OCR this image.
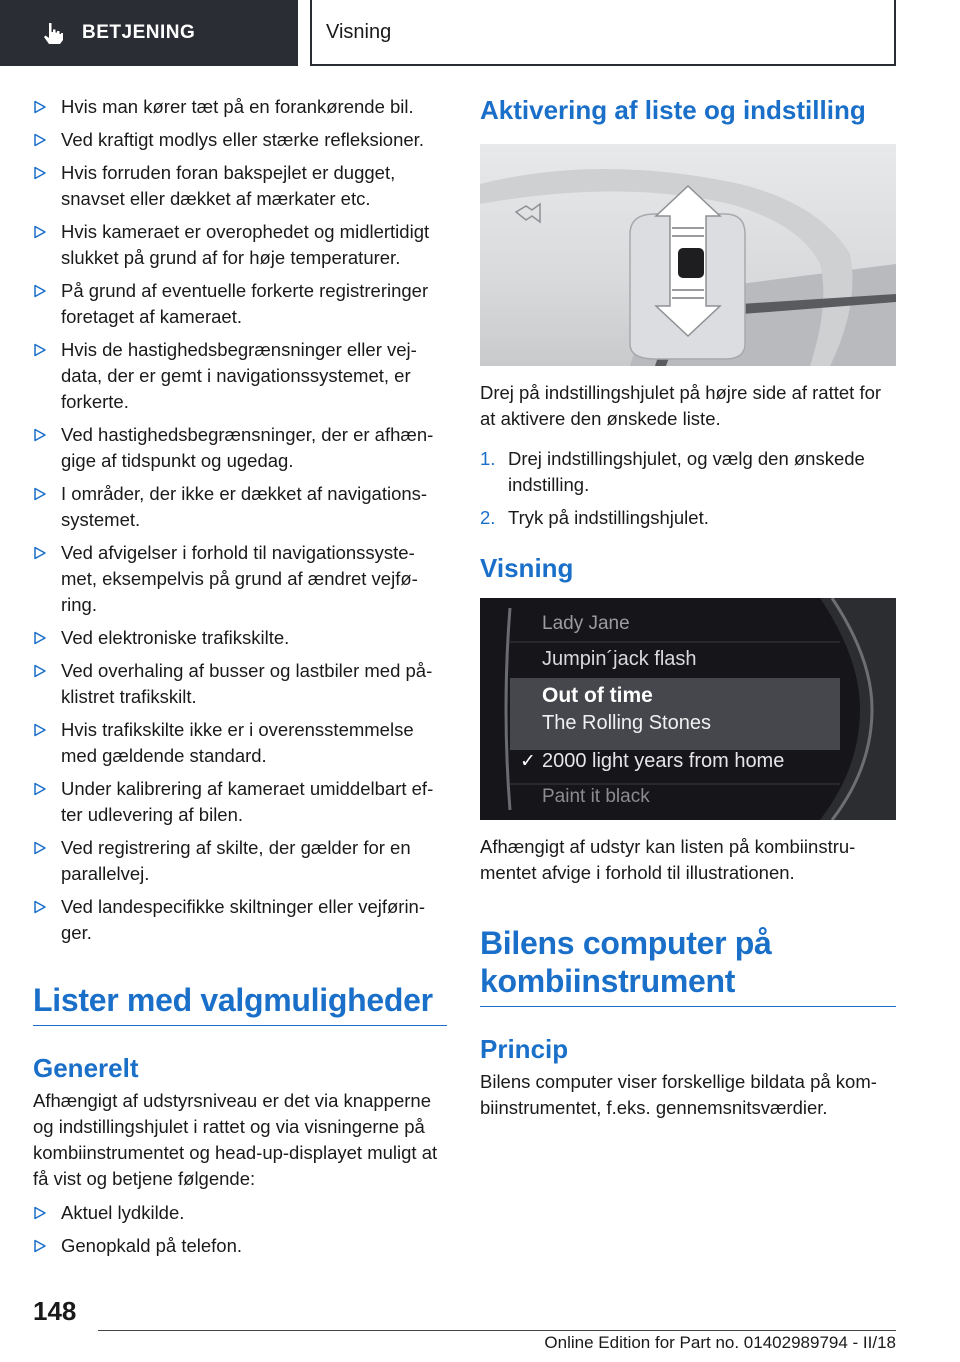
BETJENING	Visning
Hvis man kører tæt på en forankørende bil.
Ved kraftigt modlys eller stærke refleksioner.
Hvis forruden foran bakspejlet er dugget, snavset eller dækket af mærkater etc.
Hvis kameraet er overophedet og midlertidigt slukket på grund af for høje temperaturer.
På grund af eventuelle forkerte registreringer foretaget af kameraet.
Hvis de hastighedsbegrænsninger eller vej-data, der er gemt i navigationssystemet, er forkerte.
Ved hastighedsbegrænsninger, der er afhæn-gige af tidspunkt og ugedag.
I områder, der ikke er dækket af navigations-systemet.
Ved afvigelser i forhold til navigationssyste-met, eksempelvis på grund af ændret vejfø-ring.
Ved elektroniske trafikskilte.
Ved overhaling af busser og lastbiler med på-klistret trafikskilt.
Hvis trafikskilte ikke er i overensstemmelse med gældende standard.
Under kalibrering af kameraet umiddelbart ef-ter udlevering af bilen.
Ved registrering af skilte, der gælder for en parallelvej.
Ved landespecifikke skiltninger eller vejførin-ger.
Lister med valgmuligheder
Generelt
Afhængigt af udstyrsniveau er det via knapperne og indstillingshjulet i rattet og via visningerne på kombiinstrumentet og head-up-displayet muligt at få vist og betjene følgende:
Aktuel lydkilde.
Genopkald på telefon.
Aktivering af liste og indstilling
Drej på indstillingshjulet på højre side af rattet for at aktivere den ønskede liste.
1. Drej indstillingshjulet, og vælg den ønskede indstilling.
2. Tryk på indstillingshjulet.
Visning
Lady Jane
Jumpin´jack flash
Out of time
The Rolling Stones
✓ 2000 light years from home
Paint it black
Afhængigt af udstyr kan listen på kombiinstru-mentet afvige i forhold til illustrationen.
Bilens computer på kombiinstrument
Princip
Bilens computer viser forskellige bildata på kom-biinstrumentet, f.eks. gennemsnitsværdier.
148
Online Edition for Part no. 01402989794 - II/18
